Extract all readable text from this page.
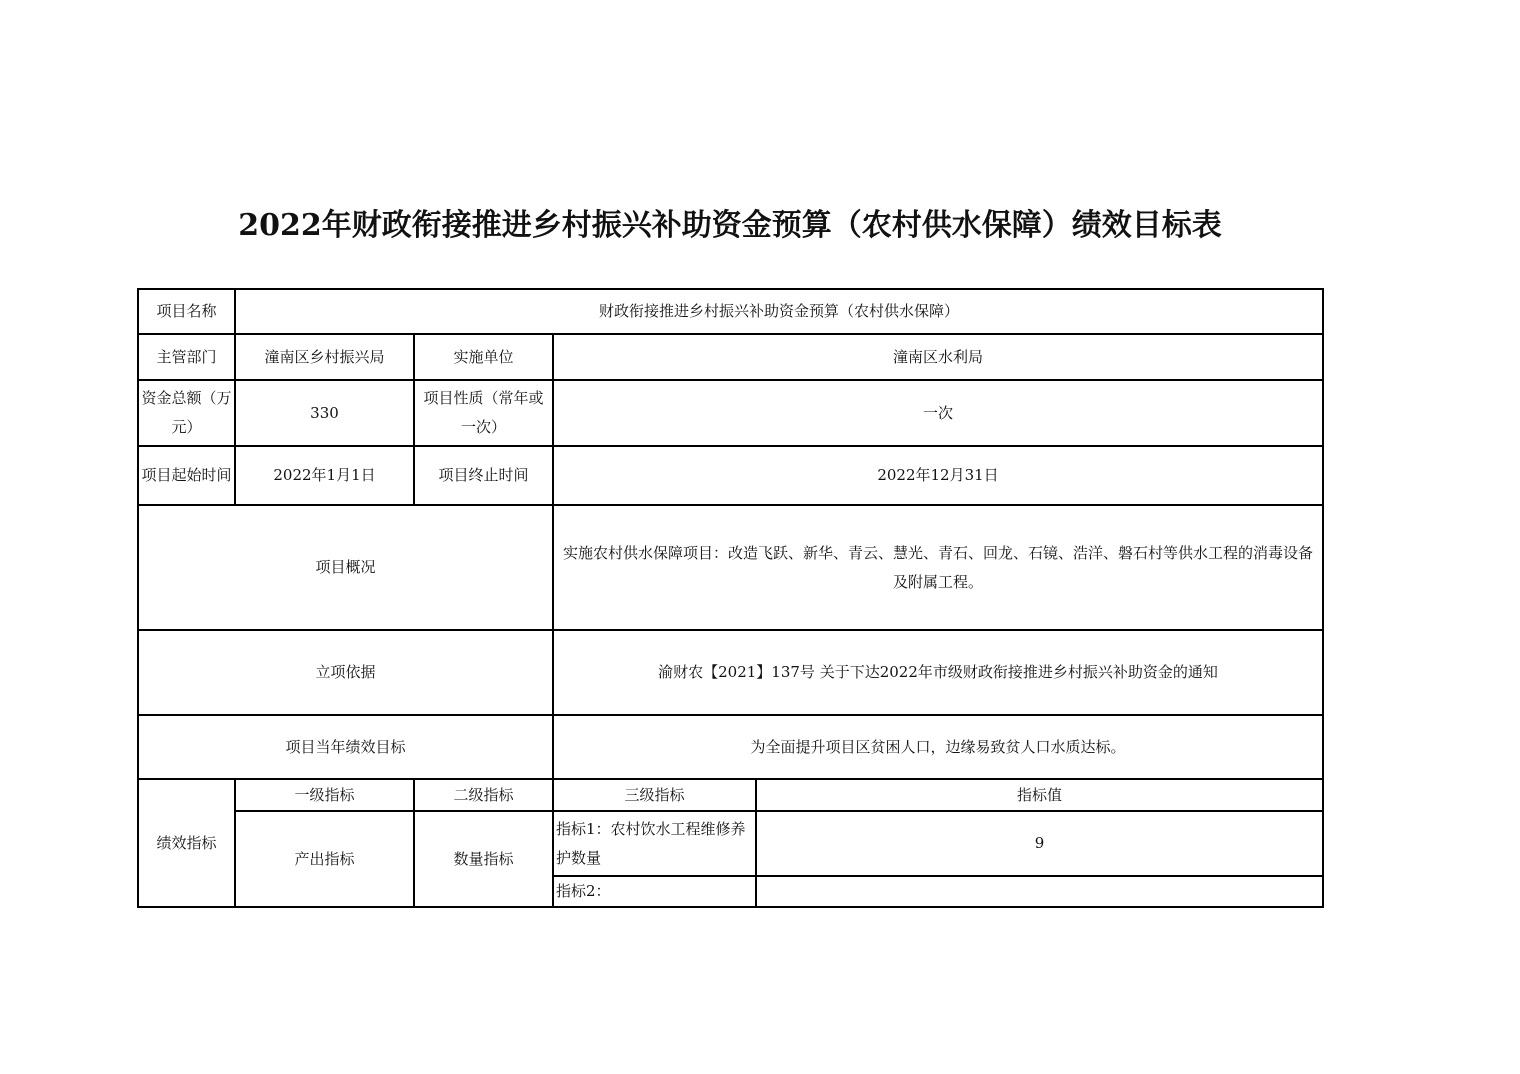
2022年财政衔接推进乡村振兴补助资金预算（农村供水保障）绩效目标表
项目名称	财政衔接推进乡村振兴补助资金预算（农村供水保障）			
主管部门	潼南区乡村振兴局	实施单位	潼南区水利局	
资金总额（万元）	330	项目性质（常年或一次）	一次	
项目起始时间	2022年1月1日	项目终止时间	2022年12月31日	
项目概况			实施农村供水保障项目：改造飞跃、新华、青云、慧光、青石、回龙、石镜、浩洋、磐石村等供水工程的消毒设备及附属工程。	
立项依据			渝财农【2021】137号 关于下达2022年市级财政衔接推进乡村振兴补助资金的通知	
项目当年绩效目标			为全面提升项目区贫困人口，边缘易致贫人口水质达标。	
绩效指标	一级指标	二级指标	三级指标	指标值
	产出指标	数量指标	指标1：农村饮水工程维修养护数量	9
			指标2：	
